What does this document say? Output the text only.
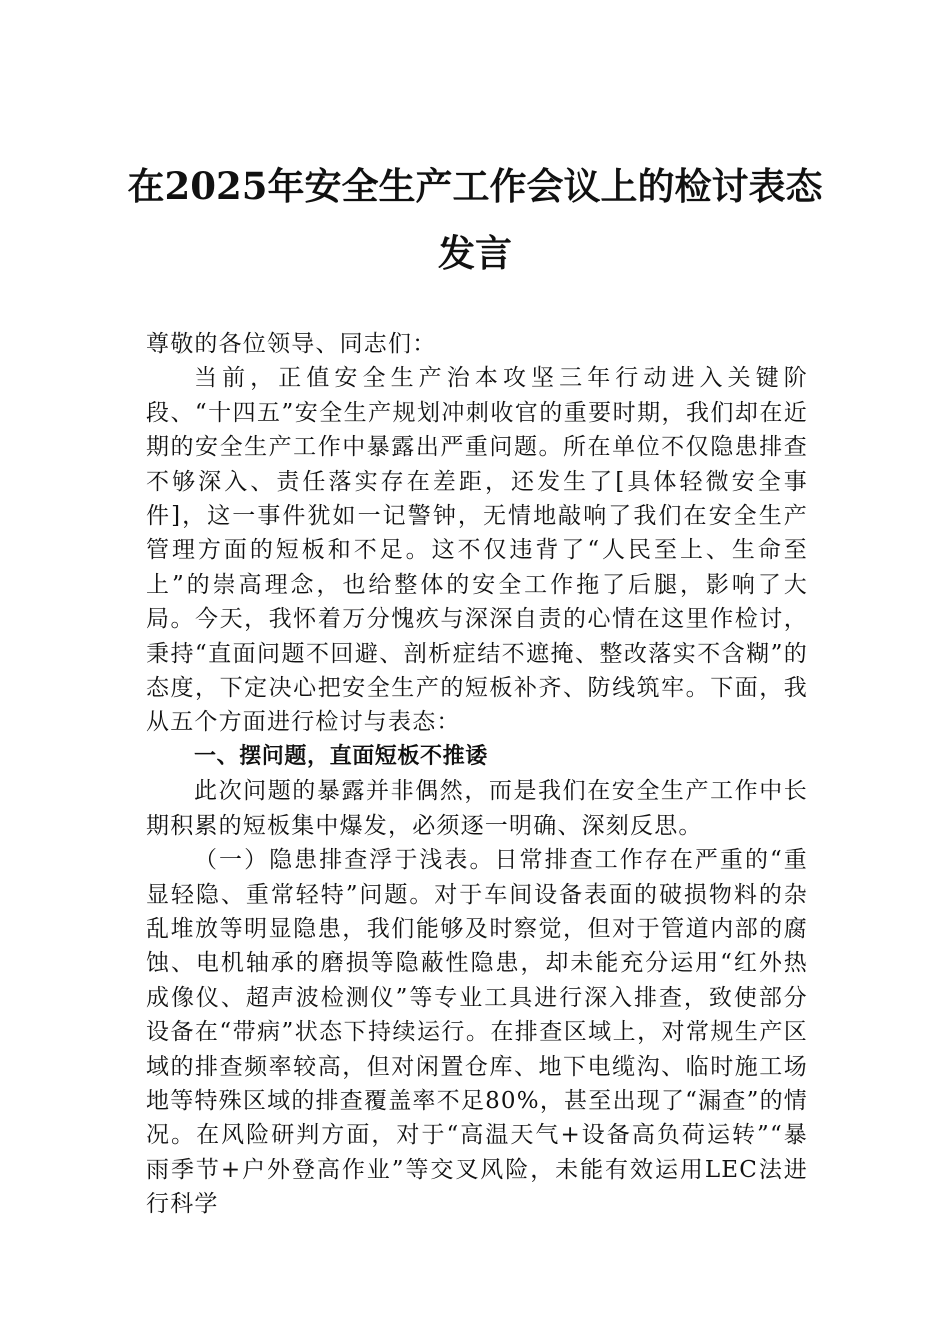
在2025年安全生产工作会议上的检讨表态
发言

尊敬的各位领导、同志们：

当前，正值安全生产治本攻坚三年行动进入关键阶段、“十四五”安全生产规划冲刺收官的重要时期，我们却在近期的安全生产工作中暴露出严重问题。所在单位不仅隐患排查不够深入、责任落实存在差距，还发生了[具体轻微安全事件]，这一事件犹如一记警钟，无情地敲响了我们在安全生产管理方面的短板和不足。这不仅违背了“人民至上、生命至上”的崇高理念，也给整体的安全工作拖了后腿，影响了大局。今天，我怀着万分愧疚与深深自责的心情在这里作检讨，秉持“直面问题不回避、剖析症结不遮掩、整改落实不含糊”的态度，下定决心把安全生产的短板补齐、防线筑牢。下面，我从五个方面进行检讨与表态：

一、摆问题，直面短板不推诿

此次问题的暴露并非偶然，而是我们在安全生产工作中长期积累的短板集中爆发，必须逐一明确、深刻反思。

（一）隐患排查浮于浅表。日常排查工作存在严重的“重显轻隐、重常轻特”问题。对于车间设备表面的破损物料的杂乱堆放等明显隐患，我们能够及时察觉，但对于管道内部的腐蚀、电机轴承的磨损等隐蔽性隐患，却未能充分运用“红外热成像仪、超声波检测仪”等专业工具进行深入排查，致使部分设备在“带病”状态下持续运行。在排查区域上，对常规生产区域的排查频率较高，但对闲置仓库、地下电缆沟、临时施工场地等特殊区域的排查覆盖率不足80%，甚至出现了“漏查”的情况。在风险研判方面，对于“高温天气+设备高负荷运转”“暴雨季节+户外登高作业”等交叉风险，未能有效运用LEC法进行科学
